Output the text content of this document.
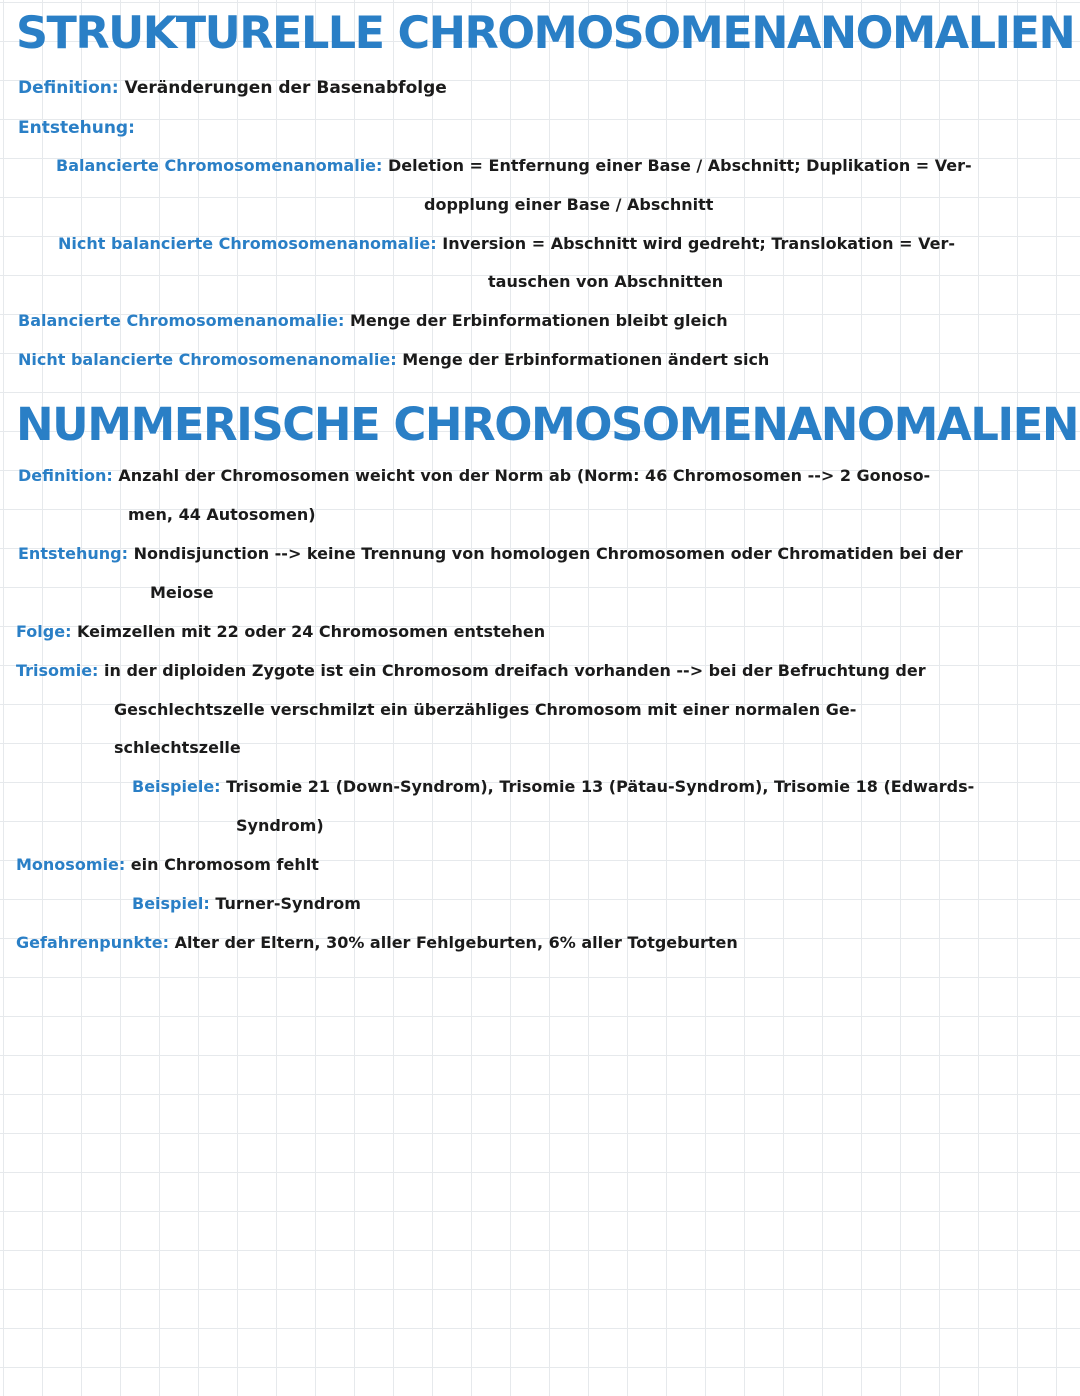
STRUKTURELLE CHROMOSOMENANOMALIEN
Definition: Veränderungen der Basenabfolge
Entstehung:
Balancierte Chromosomenanomalie: Deletion = Entfernung einer Base / Abschnitt; Duplikation = Ver-
dopplung einer Base / Abschnitt
Nicht balancierte Chromosomenanomalie: Inversion = Abschnitt wird gedreht; Translokation = Ver-
tauschen von Abschnitten
Balancierte Chromosomenanomalie: Menge der Erbinformationen bleibt gleich
Nicht balancierte Chromosomenanomalie: Menge der Erbinformationen ändert sich
NUMMERISCHE CHROMOSOMENANOMALIEN
Definition: Anzahl der Chromosomen weicht von der Norm ab (Norm: 46 Chromosomen --> 2 Gonoso-
men, 44 Autosomen)
Entstehung: Nondisjunction --> keine Trennung von homologen Chromosomen oder Chromatiden bei der
Meiose
Folge: Keimzellen mit 22 oder 24 Chromosomen entstehen
Trisomie: in der diploiden Zygote ist ein Chromosom dreifach vorhanden --> bei der Befruchtung der
Geschlechtszelle verschmilzt ein überzähliges Chromosom mit einer normalen Ge-
schlechtszelle
Beispiele: Trisomie 21 (Down-Syndrom), Trisomie 13 (Pätau-Syndrom), Trisomie 18 (Edwards-
Syndrom)
Monosomie: ein Chromosom fehlt
Beispiel: Turner-Syndrom
Gefahrenpunkte: Alter der Eltern, 30% aller Fehlgeburten, 6% aller Totgeburten
